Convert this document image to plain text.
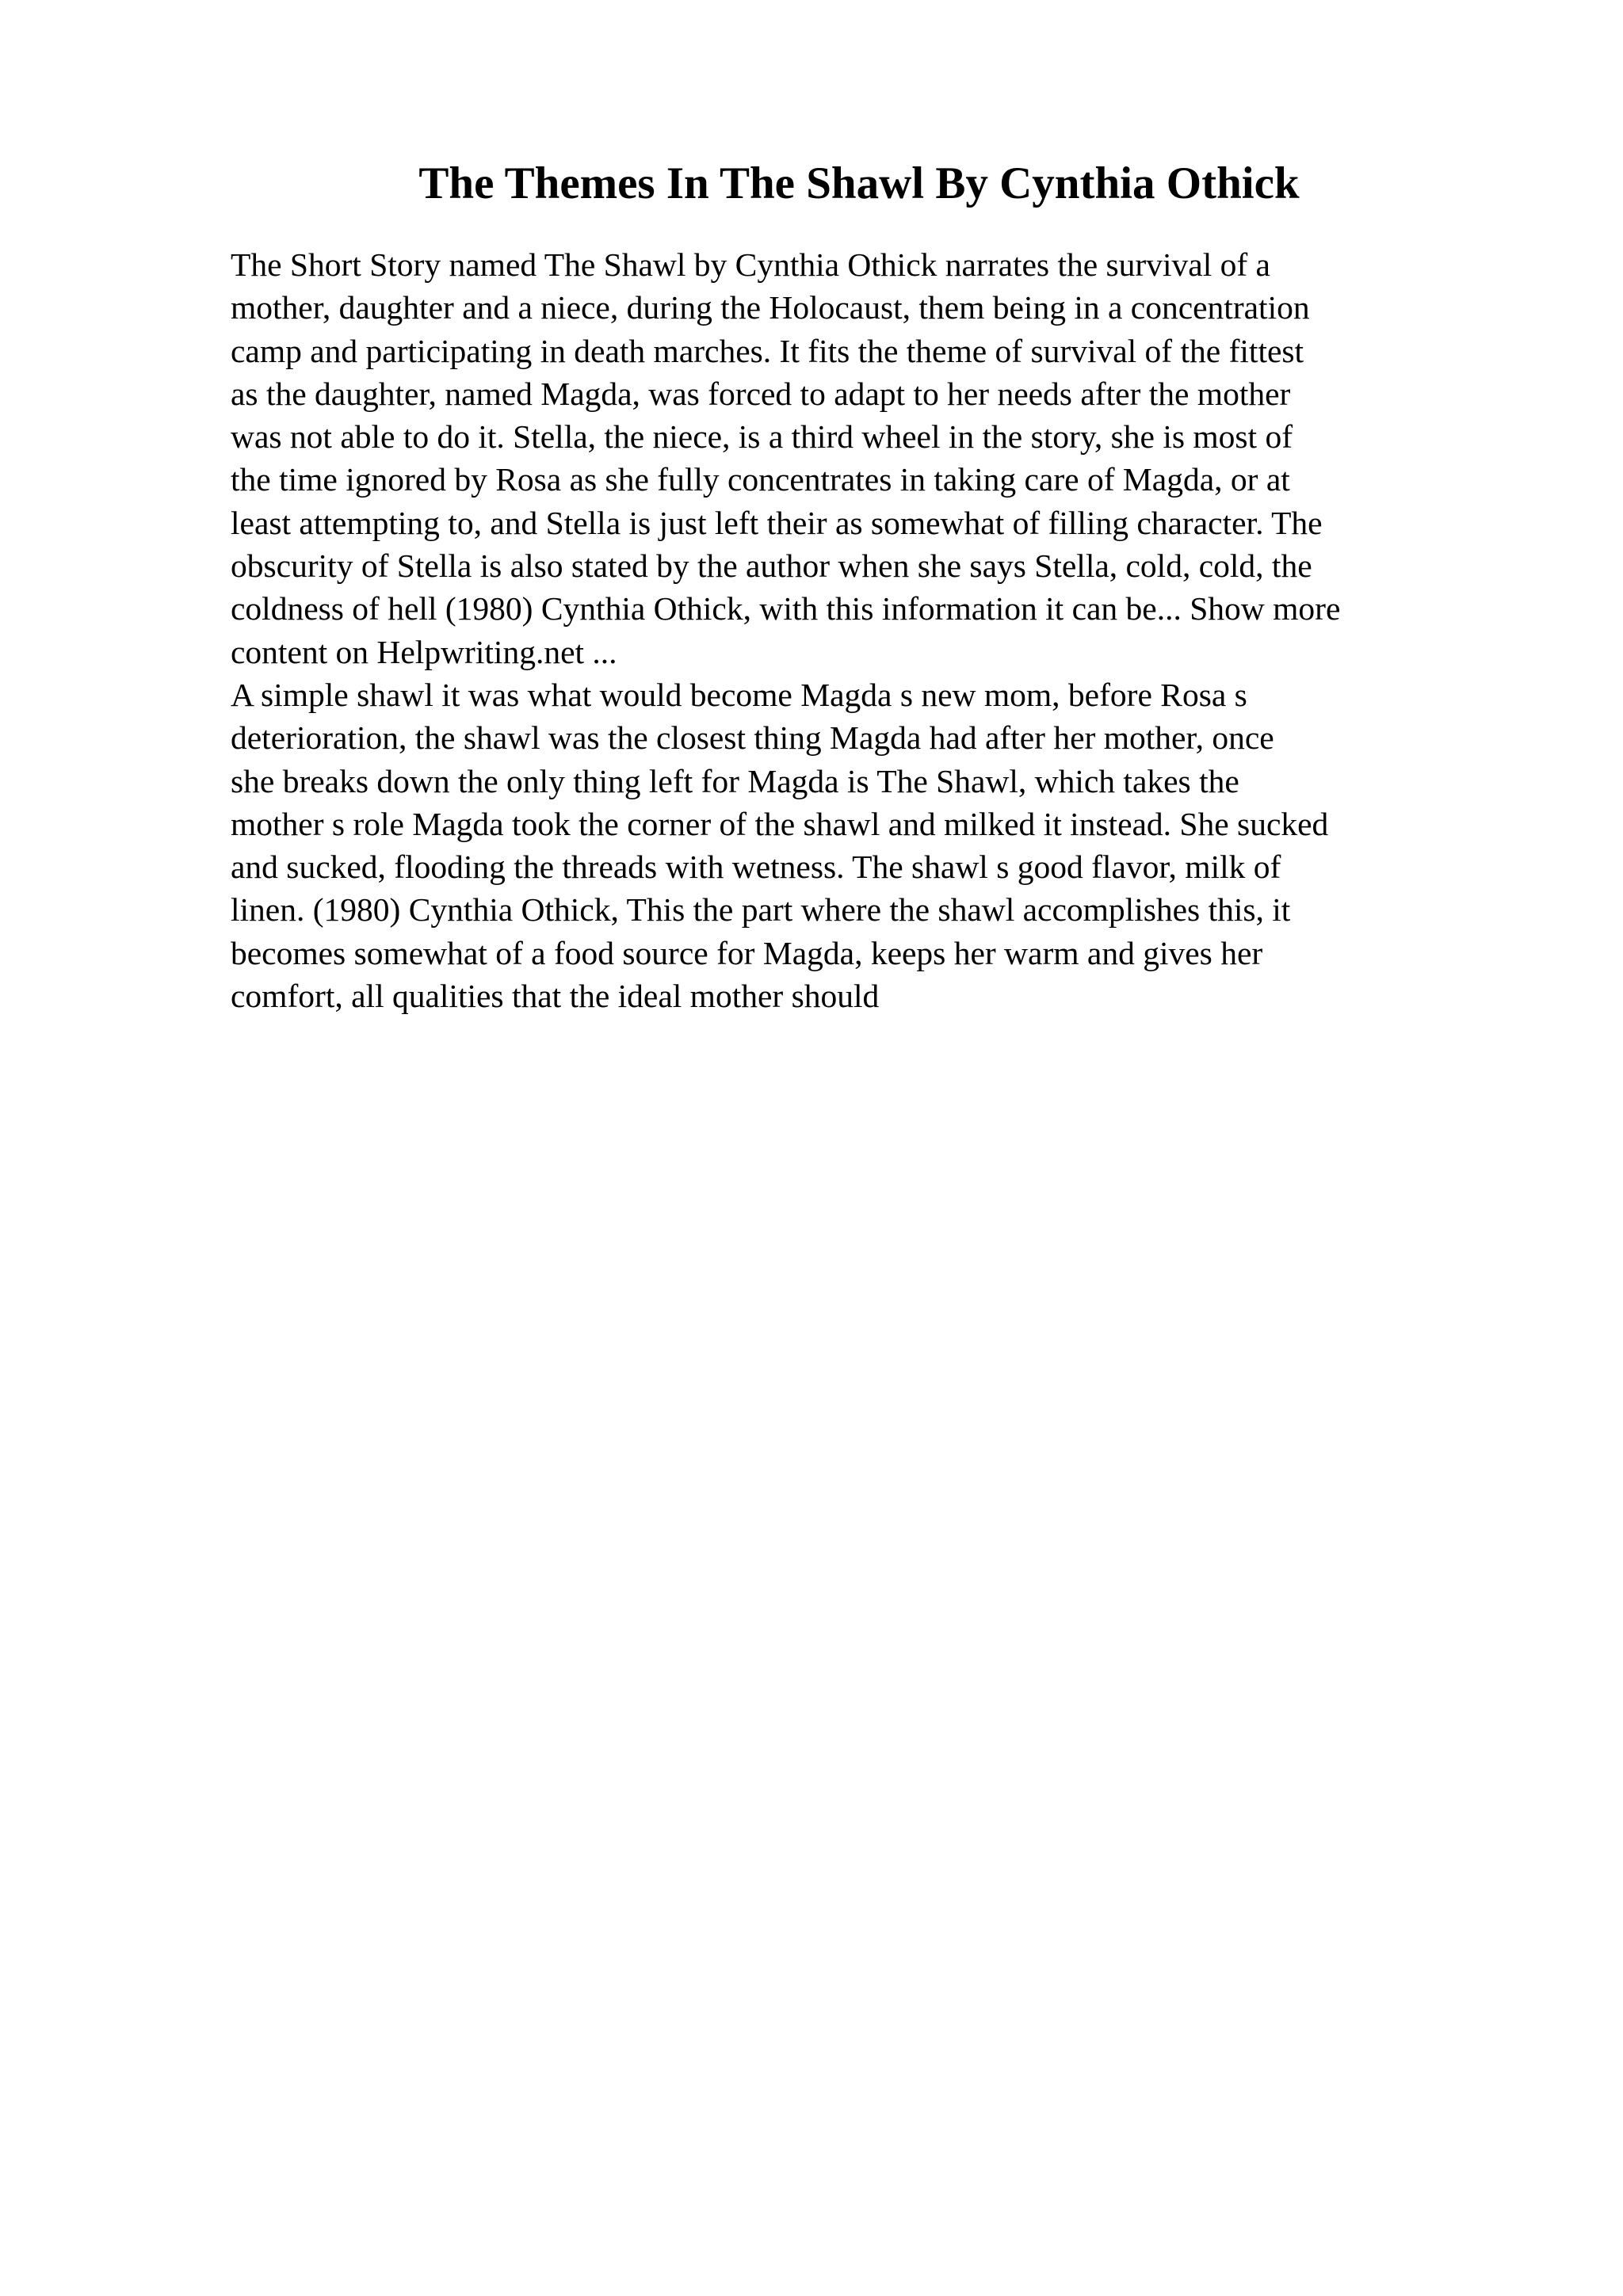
The Themes In The Shawl By Cynthia Othick

The Short Story named The Shawl by Cynthia Othick narrates the survival of a
mother, daughter and a niece, during the Holocaust, them being in a concentration
camp and participating in death marches. It fits the theme of survival of the fittest
as the daughter, named Magda, was forced to adapt to her needs after the mother
was not able to do it. Stella, the niece, is a third wheel in the story, she is most of
the time ignored by Rosa as she fully concentrates in taking care of Magda, or at
least attempting to, and Stella is just left their as somewhat of filling character. The
obscurity of Stella is also stated by the author when she says Stella, cold, cold, the
coldness of hell (1980) Cynthia Othick, with this information it can be... Show more
content on Helpwriting.net ...

A simple shawl it was what would become Magda s new mom, before Rosa s
deterioration, the shawl was the closest thing Magda had after her mother, once
she breaks down the only thing left for Magda is The Shawl, which takes the
mother s role Magda took the corner of the shawl and milked it instead. She sucked
and sucked, flooding the threads with wetness. The shawl s good flavor, milk of
linen. (1980) Cynthia Othick, This the part where the shawl accomplishes this, it
becomes somewhat of a food source for Magda, keeps her warm and gives her
comfort, all qualities that the ideal mother should
